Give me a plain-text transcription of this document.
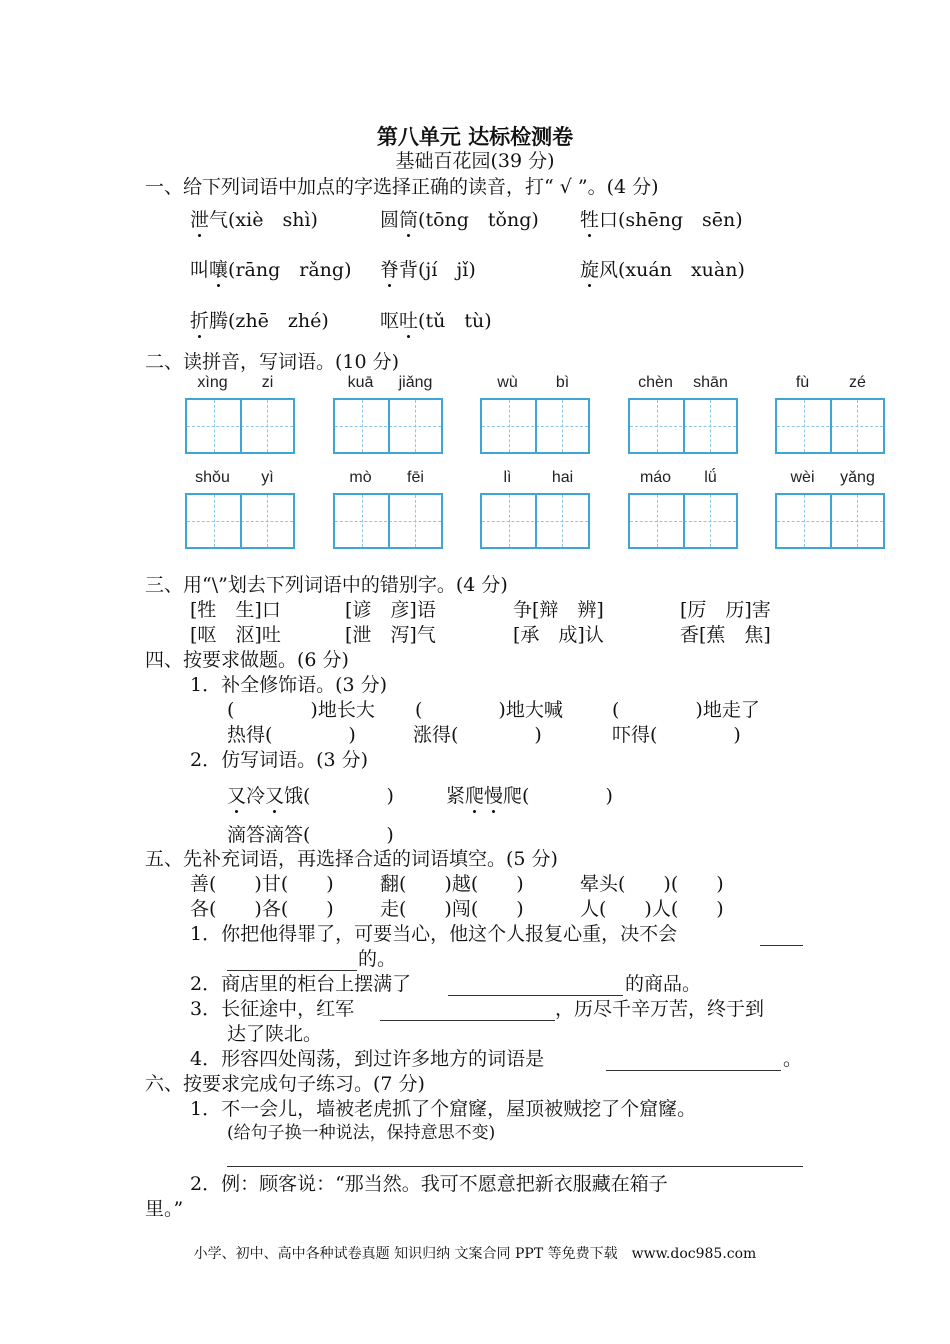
第八单元 达标检测卷
基础百花园(39 分)
一、给下列词语中加点的字选择正确的读音，打“ √ ”。(4 分)
泄气(xiè　shì)	圆筒(tōng　tǒng) 牲口(shēng　sēn)
叫嚷(rāng　rǎng) 脊背(jí　jǐ)	旋风(xuán　xuàn)
折腾(zhē　zhé)	呕吐(tǔ　tù)
二、读拼音，写词语。(10 分)
xìng	zi	kuā	jiǎng	wù	bì	chèn	shān	fù	zé
shǒu	yì	mò	fēi	lì	hai	máo	lǘ	wèi	yǎng
三、用“\”划去下列词语中的错别字。(4 分)
[牲　生]口	[谚　彦]语	争[辩　辨]	[厉　历]害
[呕　沤]吐	[泄　泻]气	[承　成]认	香[蕉　焦]
四、按要求做题。(6 分)
1．补全修饰语。(3 分)
(　　　　)地长大 (　　　　)地大喊	(　　　　)地走了
热得(　　　　)	涨得(　　　　)	吓得(　　　　)
2．仿写词语。(3 分)
又冷又饿(　　　　)	紧爬慢爬(　　　　)
滴答滴答(　　　　)
五、先补充词语，再选择合适的词语填空。(5 分)
善(　　)甘(　　) 翻(　　)越(　　)	晕头(　　)(　　)
各(　　)各(　　) 走(　　)闯(　　)	人(　　)人(　　)
1．你把他得罪了，可要当心，他这个人报复心重，决不会
的。
2．商店里的柜台上摆满了	的商品。
3．长征途中，红军	，历尽千辛万苦，终于到
达了陕北。
4．形容四处闯荡，到过许多地方的词语是	。
六、按要求完成句子练习。(7 分)
1．不一会儿，墙被老虎抓了个窟窿，屋顶被贼挖了个窟窿。
(给句子换一种说法，保持意思不变)
2．例：顾客说：“那当然。我可不愿意把新衣服藏在箱子
里。”
小学、初中、高中各种试卷真题 知识归纳 文案合同 PPT 等免费下载　www.doc985.com
